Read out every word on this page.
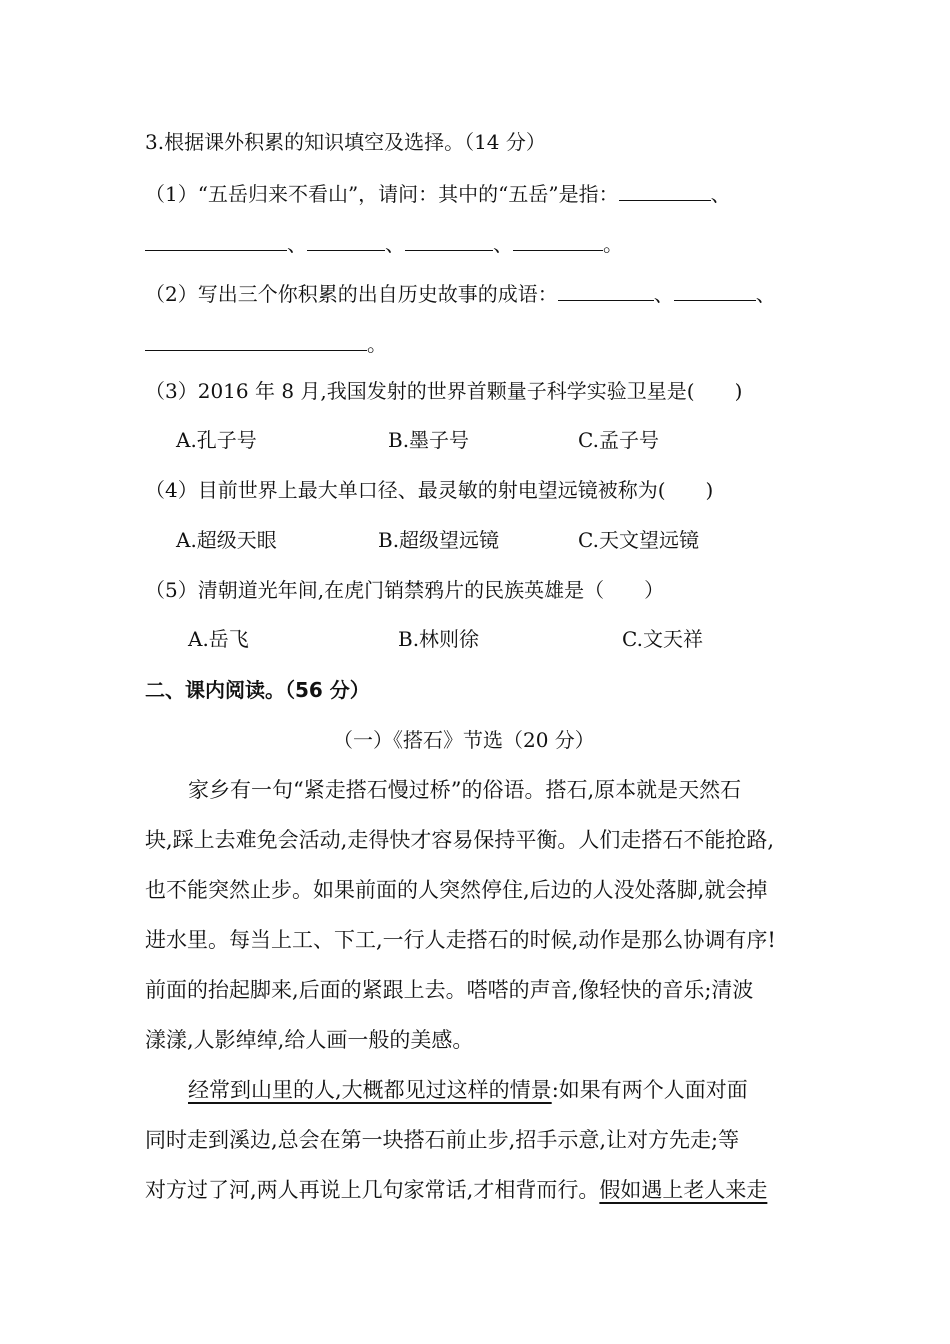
3.根据课外积累的知识填空及选择。（14 分）
（1）“五岳归来不看山”，请问：其中的“五岳”是指：	、
、	、	、	。
（2）写出三个你积累的出自历史故事的成语：	、	、
。
（3）2016 年 8 月,我国发射的世界首颗量子科学实验卫星是(　　)
A.孔子号	B.墨子号	C.孟子号
（4）目前世界上最大单口径、最灵敏的射电望远镜被称为(　　)
A.超级天眼	B.超级望远镜	C.天文望远镜
（5）清朝道光年间,在虎门销禁鸦片的民族英雄是（　　）
A.岳飞	B.林则徐	C.文天祥
二、课内阅读。（56 分）
（一）《搭石》节选（20 分）
家乡有一句“紧走搭石慢过桥”的俗语。搭石,原本就是天然石
块,踩上去难免会活动,走得快才容易保持平衡。人们走搭石不能抢路,
也不能突然止步。如果前面的人突然停住,后边的人没处落脚,就会掉
进水里。每当上工、下工,一行人走搭石的时候,动作是那么协调有序!
前面的抬起脚来,后面的紧跟上去。嗒嗒的声音,像轻快的音乐;清波
漾漾,人影绰绰,给人画一般的美感。
经常到山里的人,大概都见过这样的情景:如果有两个人面对面
同时走到溪边,总会在第一块搭石前止步,招手示意,让对方先走;等
对方过了河,两人再说上几句家常话,才相背而行。假如遇上老人来走
